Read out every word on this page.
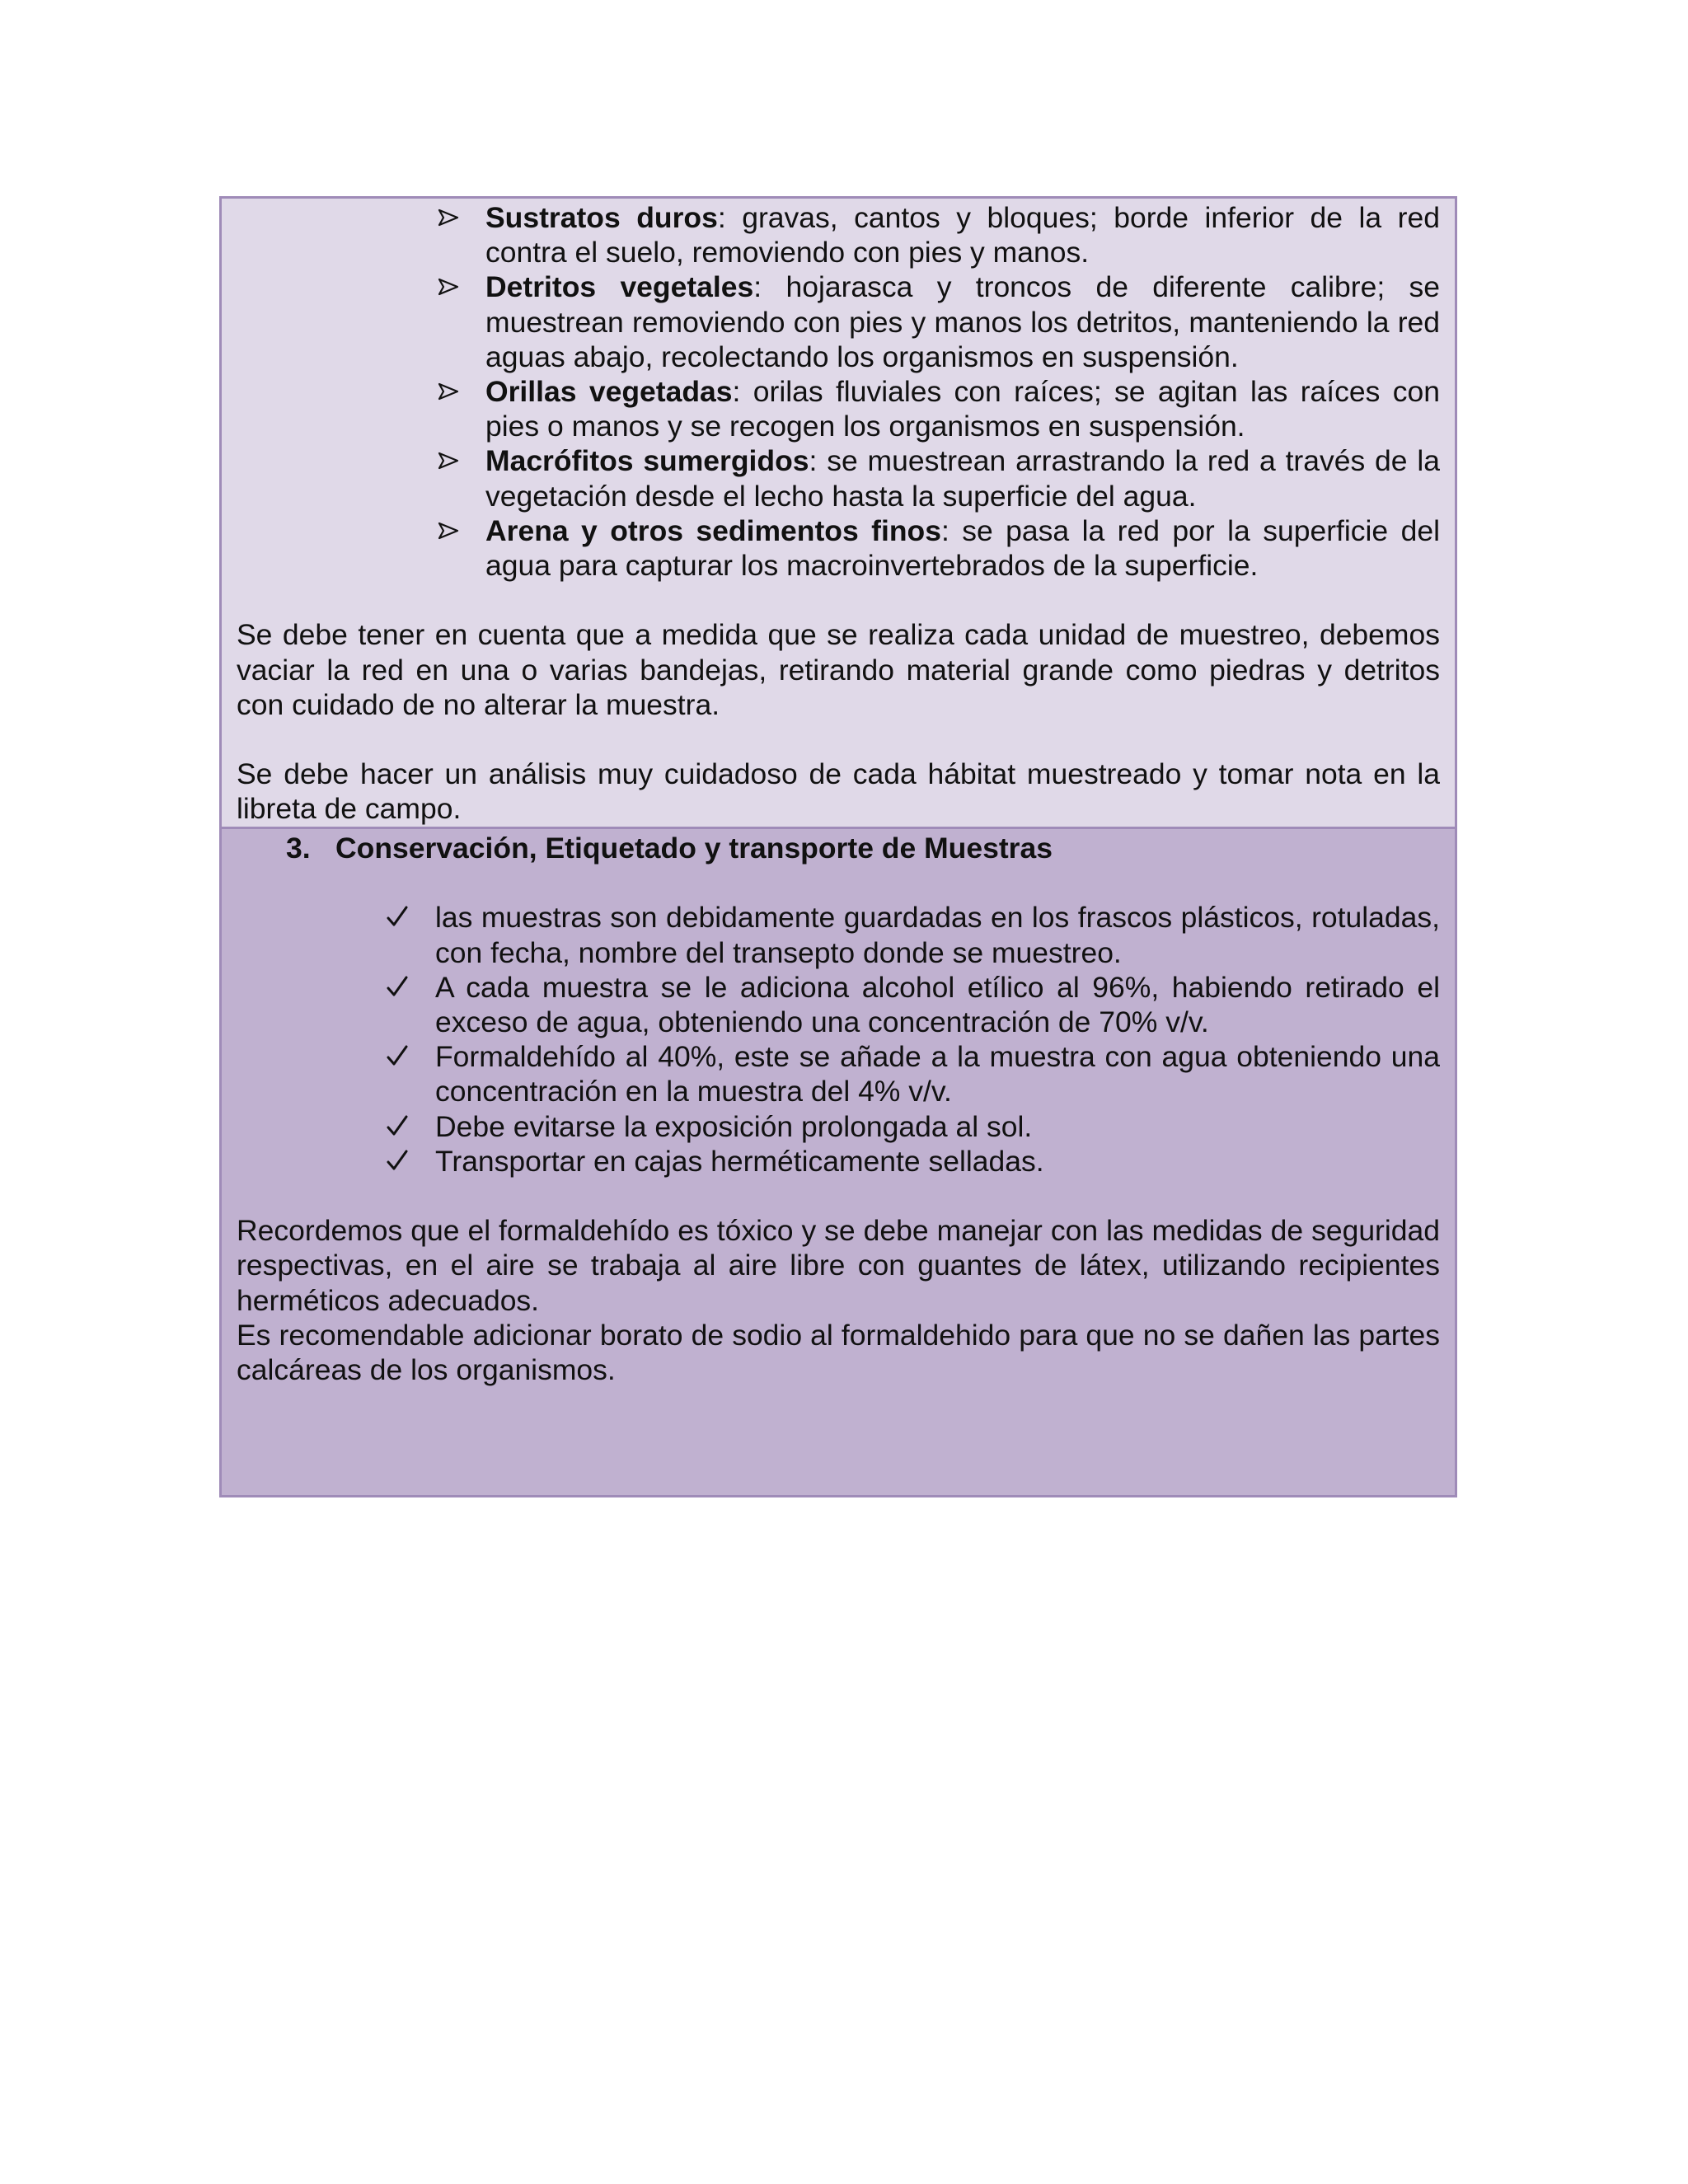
Sustratos duros: gravas, cantos y bloques; borde inferior de la red contra el suelo, removiendo con pies y manos.
Detritos vegetales: hojarasca y troncos de diferente calibre; se muestrean removiendo con pies y manos los detritos, manteniendo la red aguas abajo, recolectando los organismos en suspensión.
Orillas vegetadas: orilas fluviales con raíces; se agitan las raíces con pies o manos y se recogen los organismos en suspensión.
Macrófitos sumergidos: se muestrean arrastrando la red a través de la vegetación desde el lecho hasta la superficie del agua.
Arena y otros sedimentos finos: se pasa la red por la superficie del agua para capturar los macroinvertebrados de la superficie.

Se debe tener en cuenta que a medida que se realiza cada unidad de muestreo, debemos vaciar la red en una o varias bandejas, retirando material grande como piedras y detritos con cuidado de no alterar la muestra.

Se debe hacer un análisis muy cuidadoso de cada hábitat muestreado y tomar nota en la libreta de campo.

3. Conservación, Etiquetado y transporte de Muestras

las muestras son debidamente guardadas en los frascos plásticos, rotuladas, con fecha, nombre del transepto donde se muestreo.
A cada muestra se le adiciona alcohol etílico al 96%, habiendo retirado el exceso de agua, obteniendo una concentración de 70% v/v.
Formaldehído al 40%, este se añade a la muestra con agua obteniendo una concentración en la muestra del 4% v/v.
Debe evitarse la exposición prolongada al sol.
Transportar en cajas herméticamente selladas.

Recordemos que el formaldehído es tóxico y se debe manejar con las medidas de seguridad respectivas, en el aire se trabaja al aire libre con guantes de látex, utilizando recipientes herméticos adecuados.

Es recomendable adicionar borato de sodio al formaldehido para que no se dañen las partes calcáreas de los organismos.
